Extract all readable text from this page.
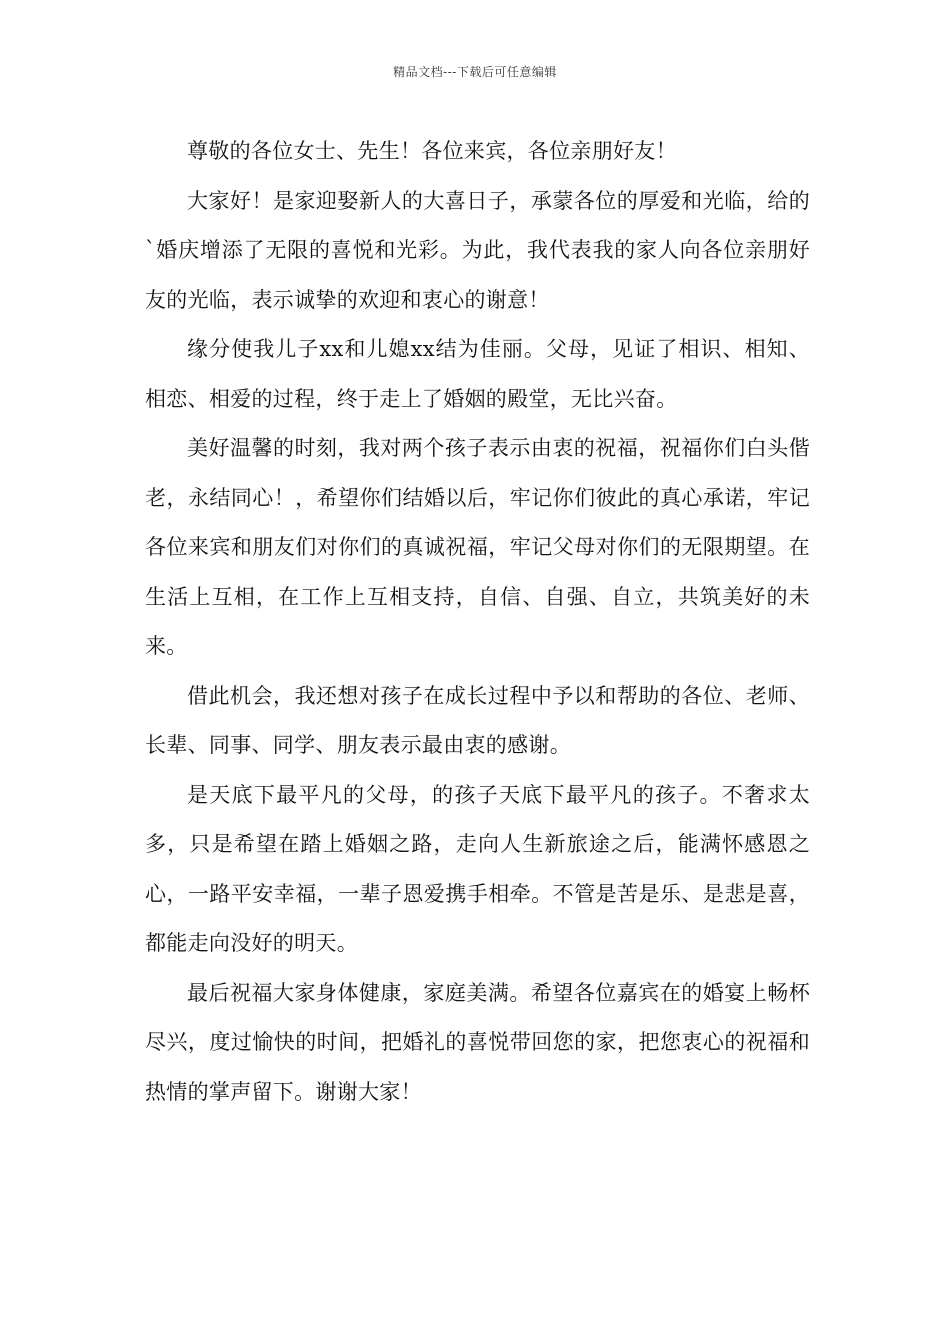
精品文档---下载后可任意编辑

尊敬的各位女士、先生！各位来宾，各位亲朋好友！

大家好！是家迎娶新人的大喜日子，承蒙各位的厚爱和光临，给的`婚庆增添了无限的喜悦和光彩。为此，我代表我的家人向各位亲朋好友的光临，表示诚挚的欢迎和衷心的谢意！

缘分使我儿子xx和儿媳xx结为佳丽。父母，见证了相识、相知、相恋、相爱的过程，终于走上了婚姻的殿堂，无比兴奋。

美好温馨的时刻，我对两个孩子表示由衷的祝福，祝福你们白头偕老，永结同心！，希望你们结婚以后，牢记你们彼此的真心承诺，牢记各位来宾和朋友们对你们的真诚祝福，牢记父母对你们的无限期望。在生活上互相，在工作上互相支持，自信、自强、自立，共筑美好的未来。

借此机会，我还想对孩子在成长过程中予以和帮助的各位、老师、长辈、同事、同学、朋友表示最由衷的感谢。

是天底下最平凡的父母，的孩子天底下最平凡的孩子。不奢求太多，只是希望在踏上婚姻之路，走向人生新旅途之后，能满怀感恩之心，一路平安幸福，一辈子恩爱携手相牵。不管是苦是乐、是悲是喜，都能走向没好的明天。

最后祝福大家身体健康，家庭美满。希望各位嘉宾在的婚宴上畅杯尽兴，度过愉快的时间，把婚礼的喜悦带回您的家，把您衷心的祝福和热情的掌声留下。谢谢大家！
